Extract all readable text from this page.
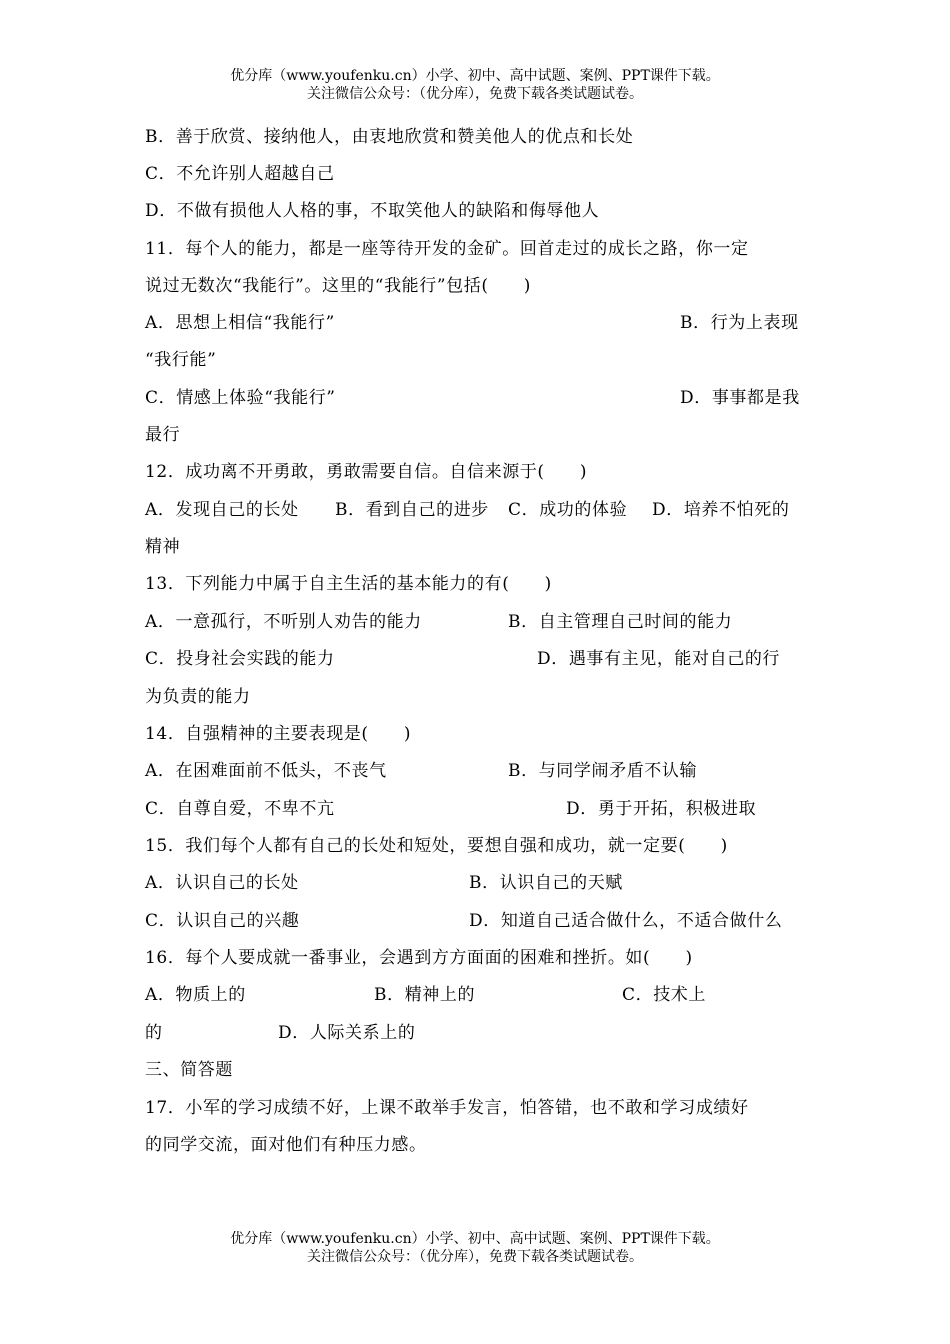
优分库（www.youfenku.cn）小学、初中、高中试题、案例、PPT课件下载。
关注微信公众号：（优分库），免费下载各类试题试卷。
B．善于欣赏、接纳他人，由衷地欣赏和赞美他人的优点和长处
C．不允许别人超越自己
D．不做有损他人人格的事，不取笑他人的缺陷和侮辱他人
11．每个人的能力，都是一座等待开发的金矿。回首走过的成长之路，你一定
说过无数次“我能行”。这里的“我能行”包括(　　)
A．思想上相信“我能行”	B．行为上表现
“我行能”
C．情感上体验“我能行”	D．事事都是我
最行
12．成功离不开勇敢，勇敢需要自信。自信来源于(　　)
A．发现自己的长处 B．看到自己的进步 C．成功的体验 D．培养不怕死的
精神
13．下列能力中属于自主生活的基本能力的有(　　)
A．一意孤行，不听别人劝告的能力	B．自主管理自己时间的能力
C．投身社会实践的能力	D．遇事有主见，能对自己的行
为负责的能力
14．自强精神的主要表现是(　　)
A．在困难面前不低头，不丧气	B．与同学闹矛盾不认输
C．自尊自爱，不卑不亢	D．勇于开拓，积极进取
15．我们每个人都有自己的长处和短处，要想自强和成功，就一定要(　　)
A．认识自己的长处	B．认识自己的天赋
C．认识自己的兴趣	D．知道自己适合做什么，不适合做什么
16．每个人要成就一番事业，会遇到方方面面的困难和挫折。如(　　)
A．物质上的	B．精神上的	C．技术上
的	D．人际关系上的
三、简答题
17．小军的学习成绩不好，上课不敢举手发言，怕答错，也不敢和学习成绩好
的同学交流，面对他们有种压力感。
优分库（www.youfenku.cn）小学、初中、高中试题、案例、PPT课件下载。
关注微信公众号：（优分库），免费下载各类试题试卷。
